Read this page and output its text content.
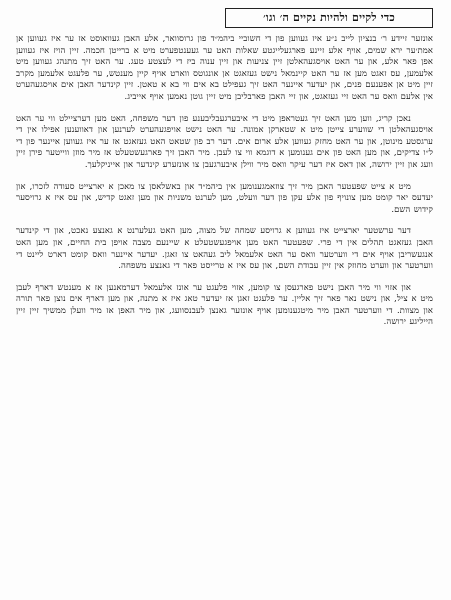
כדי לקיים ולהיות נקיים ה׳ וגו׳

אונזער זיידע ר׳ בנציון לייב נ״ע איז געווען פון די חשוביי ביהמ״ד פון גרוסוואר, אלע האבן געוואוסט אז ער איז געווען אן אמת׳ער ירא שמים, אויף אלע זיינע פארגעלייגטע שאלות האט ער געענטפערט מיט א ברייטן חכמה. זיין הויז איז געווען אפן פאר אלע, און ער האט אויסגעהאלטן זיין צניעות און זיין ענוה ביז די לעצטע טעג. ער האט זיך מתנהג געווען מיט אלעמען, עס זאגט מען אז ער האט קיינמאל נישט געזאגט אן אונגוטס ווארט אויף קיין מענטש, ער פלעגט אלעמען מקרב זיין מיט אן אפענעם פנים, און יעדער איינער האט זיך געפילט בא אים ווי בא א טאטן. זיין קינדער האבן אים אויסגעהערט אין אלעם וואס ער האט זיי געזאגט, און זיי האבן פארבליבן מיט זיין גוטן נאמען אויף אייביג.

נאכן קריג, ווען מען האט זיך געטראפן מיט די איבערגעבליבענע פון דער משפחה, האט מען דערציילט ווי ער האט אויסגעהאלטן די שווערע צייטן מיט א שטארקן אמונה. ער האט נישט אויפגעהערט לערנען און דאווענען אפילו אין די ערגסטע מינוטן, און ער האט מחזק געווען אלע ארום אים. דער רב פון שטאט האט געזאגט אז ער איז געווען איינער פון די ל״ו צדיקים, און מען האט פון אים גענומען א דוגמא ווי צו לעבן. מיר האבן זיך פארגעשטעלט אז מיר מוזן ווייטער פירן זיין וועג און זיין ירושה, און דאס איז דער עיקר וואס מיר ווילן איבערגעבן צו אונזערע קינדער און אייניקלעך.

מיט א צייט שפעטער האבן מיר זיך צוזאמגענומען אין ביהמ״ד און באשלאסן צו מאכן א יארצייט סעודה לזכרו, און יעדעס יאר קומט מען צונויף פון אלע עקן פון דער וועלט, מען לערנט משניות און מען זאגט קדיש, און עס איז א גרויסער קידוש השם.

דער ערשטער יארצייט איז געווען א גרויסע שמחה של מצוה, מען האט געלערנט א גאנצע נאכט, און די קינדער האבן געזאגט תהלים אין די פרי. שפעטער האט מען אויפגעשטעלט א שיינעם מצבה אויפן בית החיים, און מען האט אנגעשריבן אויף אים די ווערטער וואס ער האט אלעמאל ליב געהאט צו זאגן. יעדער איינער וואס קומט דארט ליינט די ווערטער און ווערט מחוזק אין זיין עבודת השם, און עס איז א טרייסט פאר די גאנצע משפחה.

און אזוי ווי מיר האבן נישט פארגעסן צו קומען, אזוי פלעגט ער אונז אלעמאל דערמאנען אז א מענטש דארף לעבן מיט א ציל, און נישט נאר פאר זיך אליין. ער פלעגט זאגן אז יעדער טאג איז א מתנה, און מען דארף אים נוצן פאר תורה און מצוות. די ווערטער האבן מיר מיטגענומען אויף אונזער גאנצן לעבנסוועג, און מיר האפן אז מיר וועלן ממשיך זיין זיין הייליגע ירושה.
